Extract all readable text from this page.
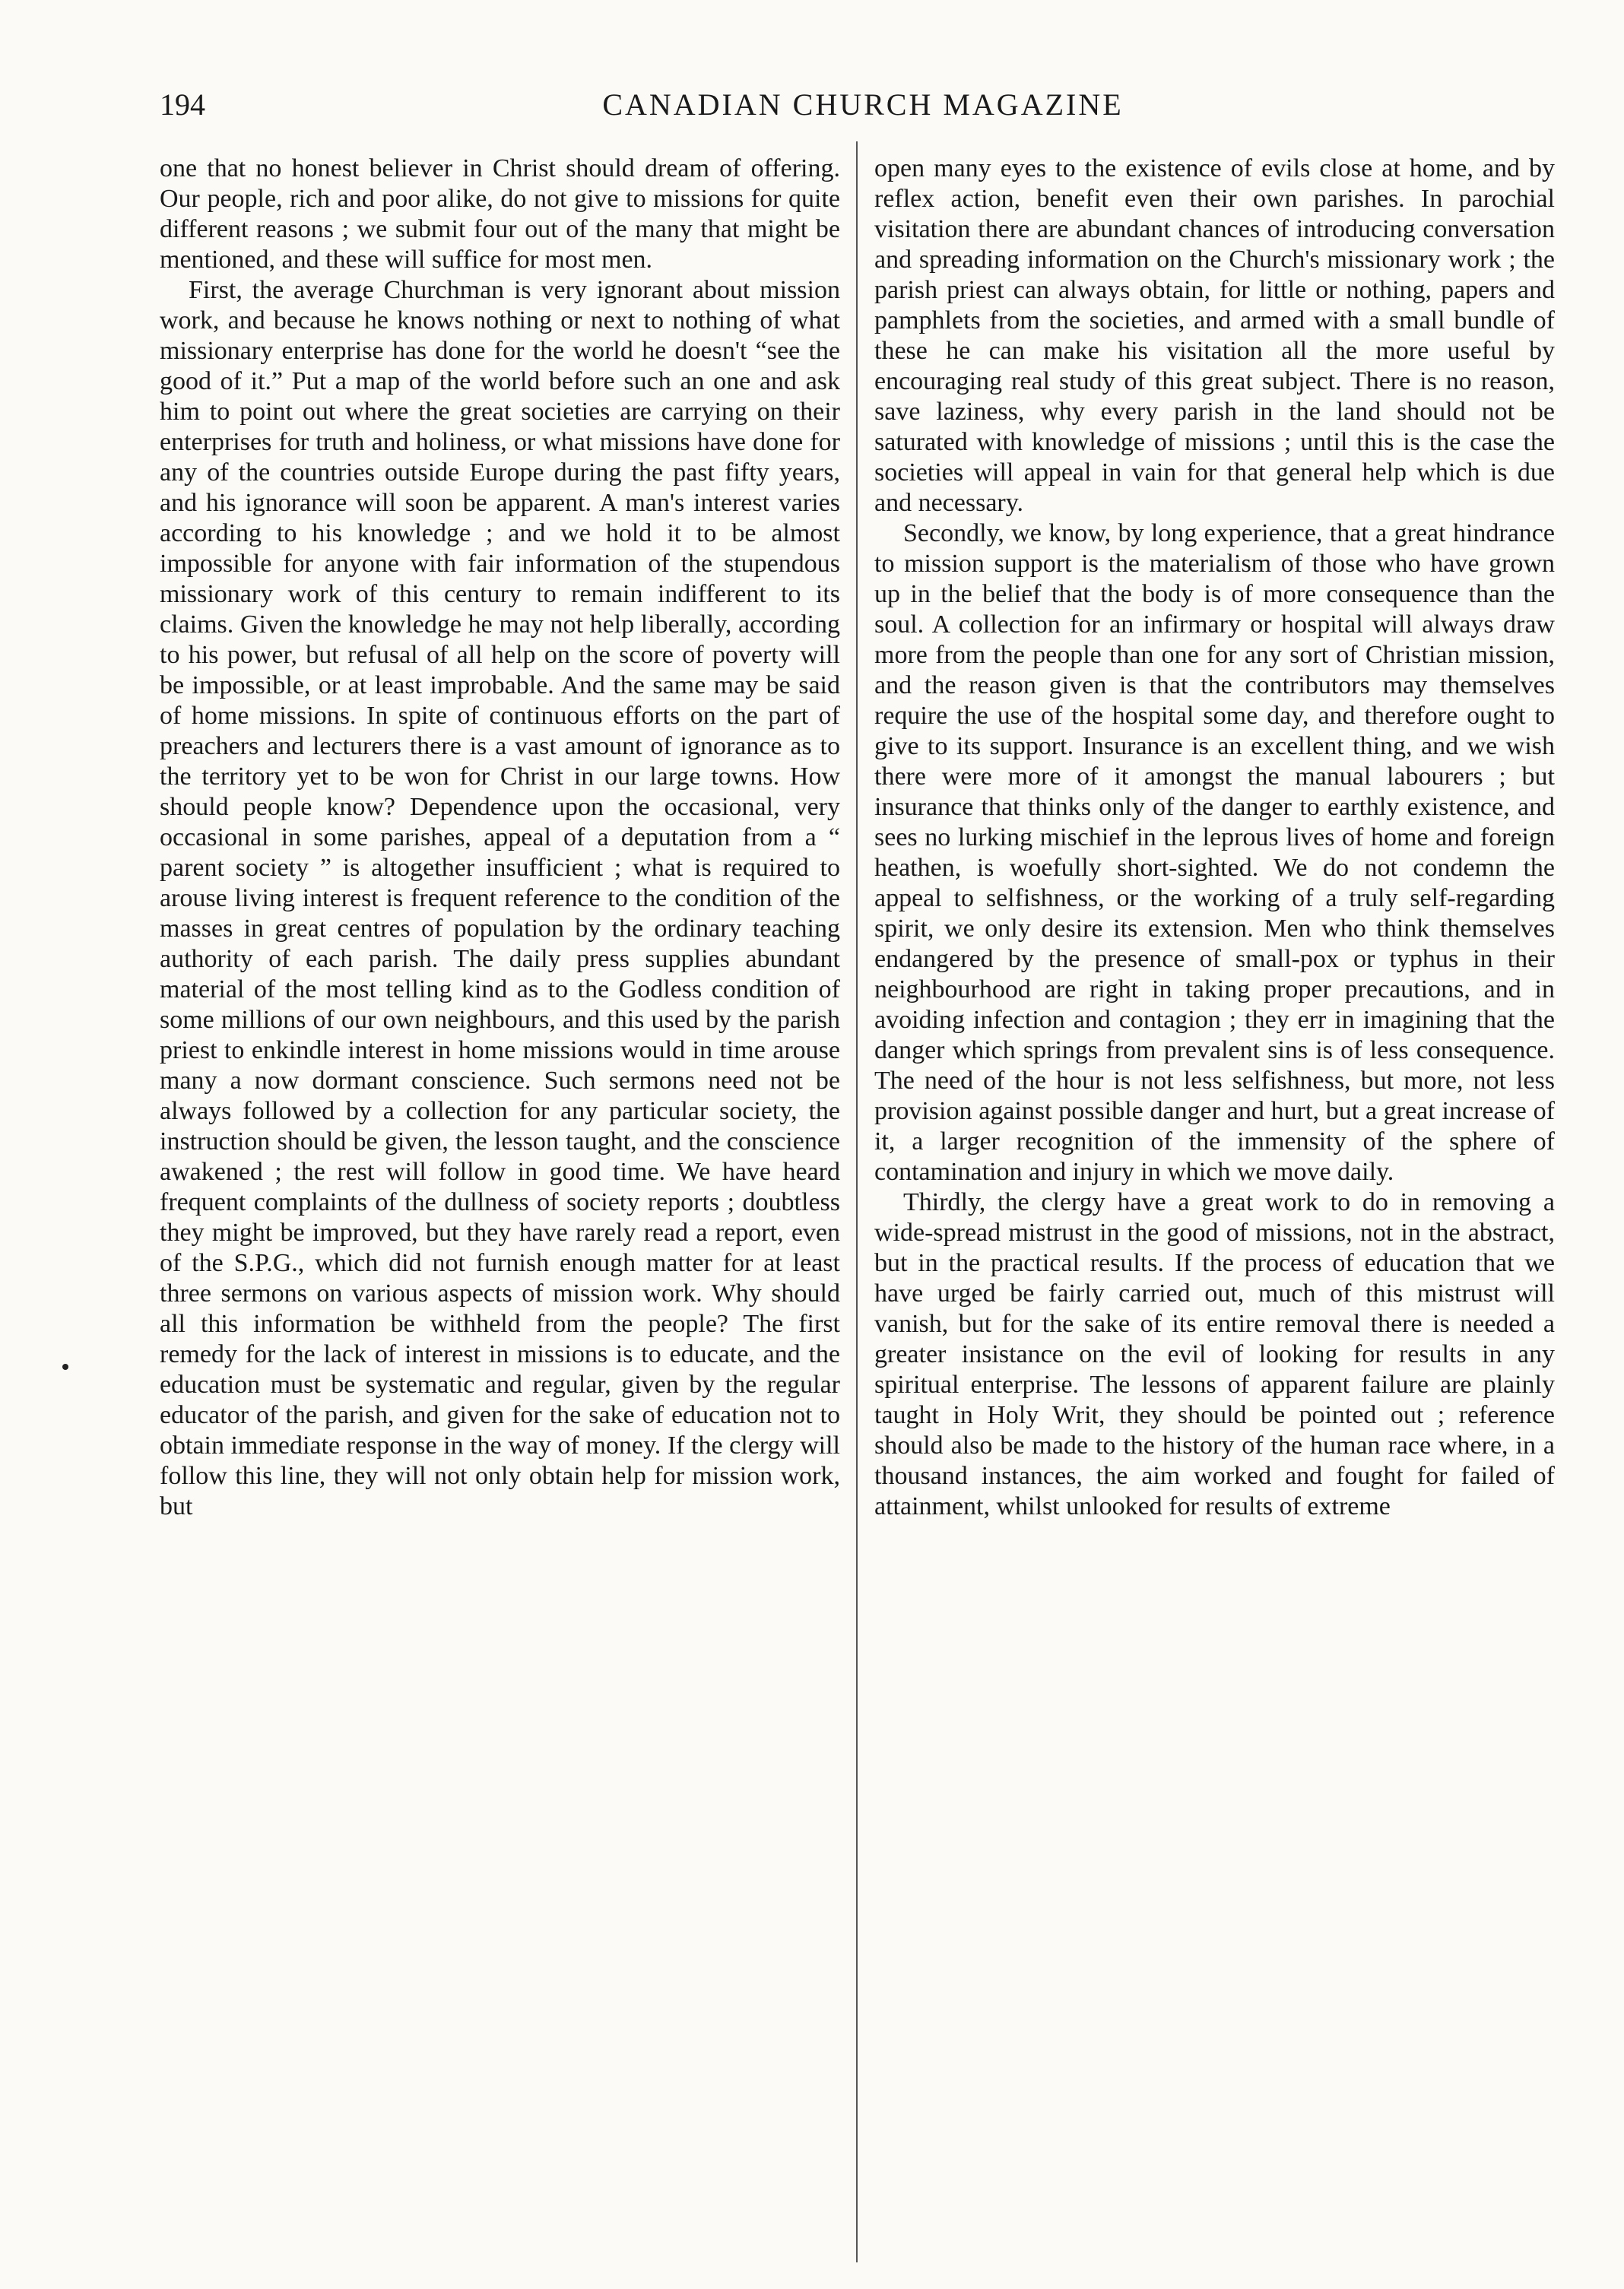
194	CANADIAN CHURCH MAGAZINE

one that no honest believer in Christ should dream of offering. Our people, rich and poor alike, do not give to missions for quite different reasons ; we submit four out of the many that might be mentioned, and these will suffice for most men.

First, the average Churchman is very ignorant about mission work, and because he knows nothing or next to nothing of what missionary enterprise has done for the world he doesn't “see the good of it.” Put a map of the world before such an one and ask him to point out where the great societies are carrying on their enterprises for truth and holiness, or what missions have done for any of the countries outside Europe during the past fifty years, and his ignorance will soon be apparent. A man's interest varies according to his knowledge ; and we hold it to be almost impossible for anyone with fair information of the stupendous missionary work of this century to remain indifferent to its claims. Given the knowledge he may not help liberally, according to his power, but refusal of all help on the score of poverty will be impossible, or at least improbable. And the same may be said of home missions. In spite of continuous efforts on the part of preachers and lecturers there is a vast amount of ignorance as to the territory yet to be won for Christ in our large towns. How should people know? Dependence upon the occasional, very occasional in some parishes, appeal of a deputation from a “ parent society ” is altogether insufficient ; what is required to arouse living interest is frequent reference to the condition of the masses in great centres of population by the ordinary teaching authority of each parish. The daily press supplies abundant material of the most telling kind as to the Godless condition of some millions of our own neighbours, and this used by the parish priest to enkindle interest in home missions would in time arouse many a now dormant conscience. Such sermons need not be always followed by a collection for any particular society, the instruction should be given, the lesson taught, and the conscience awakened ; the rest will follow in good time. We have heard frequent complaints of the dullness of society reports ; doubtless they might be improved, but they have rarely read a report, even of the S.P.G., which did not furnish enough matter for at least three sermons on various aspects of mission work. Why should all this information be withheld from the people? The first remedy for the lack of interest in missions is to educate, and the education must be systematic and regular, given by the regular educator of the parish, and given for the sake of education not to obtain immediate response in the way of money. If the clergy will follow this line, they will not only obtain help for mission work, but

open many eyes to the existence of evils close at home, and by reflex action, benefit even their own parishes. In parochial visitation there are abundant chances of introducing conversation and spreading information on the Church's missionary work ; the parish priest can always obtain, for little or nothing, papers and pamphlets from the societies, and armed with a small bundle of these he can make his visitation all the more useful by encouraging real study of this great subject. There is no reason, save laziness, why every parish in the land should not be saturated with knowledge of missions ; until this is the case the societies will appeal in vain for that general help which is due and necessary.

Secondly, we know, by long experience, that a great hindrance to mission support is the materialism of those who have grown up in the belief that the body is of more consequence than the soul. A collection for an infirmary or hospital will always draw more from the people than one for any sort of Christian mission, and the reason given is that the contributors may themselves require the use of the hospital some day, and therefore ought to give to its support. Insurance is an excellent thing, and we wish there were more of it amongst the manual labourers ; but insurance that thinks only of the danger to earthly existence, and sees no lurking mischief in the leprous lives of home and foreign heathen, is woefully short-sighted. We do not condemn the appeal to selfishness, or the working of a truly self-regarding spirit, we only desire its extension. Men who think themselves endangered by the presence of small-pox or typhus in their neighbourhood are right in taking proper precautions, and in avoiding infection and contagion ; they err in imagining that the danger which springs from prevalent sins is of less consequence. The need of the hour is not less selfishness, but more, not less provision against possible danger and hurt, but a great increase of it, a larger recognition of the immensity of the sphere of contamination and injury in which we move daily.

Thirdly, the clergy have a great work to do in removing a wide-spread mistrust in the good of missions, not in the abstract, but in the practical results. If the process of education that we have urged be fairly carried out, much of this mistrust will vanish, but for the sake of its entire removal there is needed a greater insistance on the evil of looking for results in any spiritual enterprise. The lessons of apparent failure are plainly taught in Holy Writ, they should be pointed out ; reference should also be made to the history of the human race where, in a thousand instances, the aim worked and fought for failed of attainment, whilst unlooked for results of extreme
